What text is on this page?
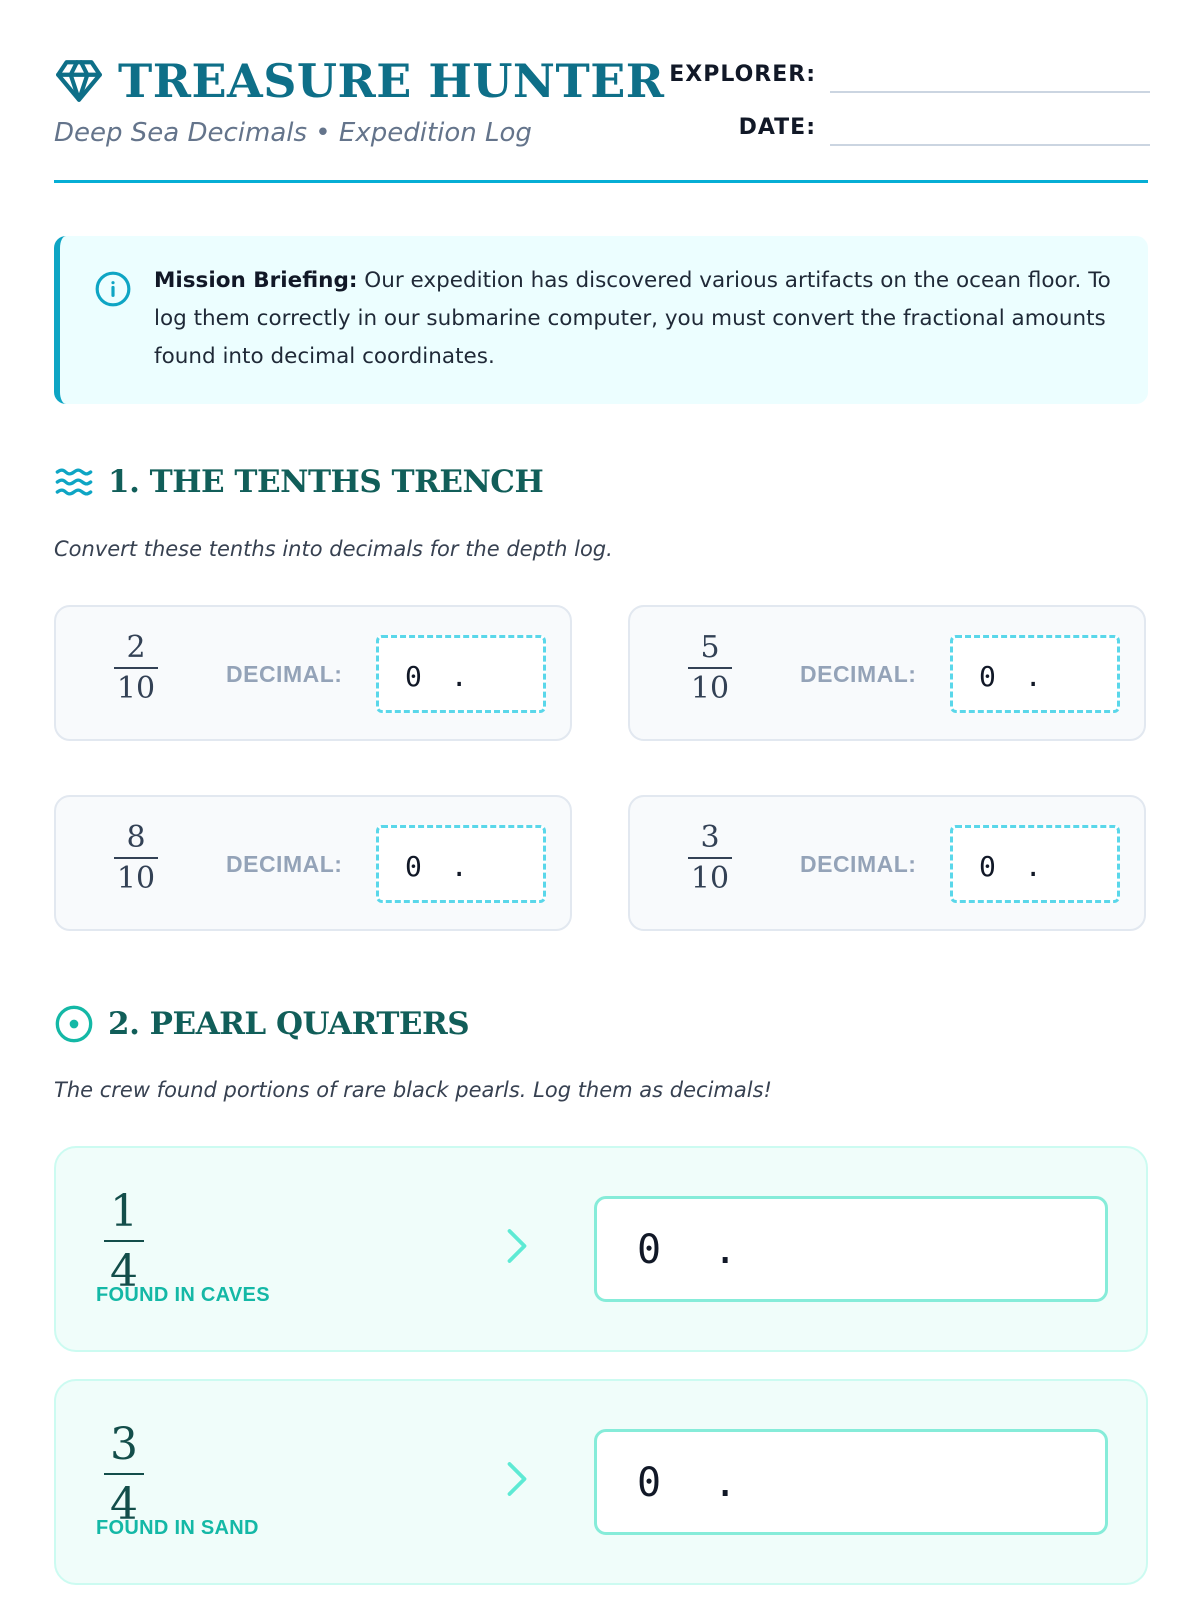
TREASURE HUNTER
Deep Sea Decimals • Expedition Log
EXPLORER:
DATE:
Mission Briefing: Our expedition has discovered various artifacts on the ocean floor. To log them correctly in our submarine computer, you must convert the fractional amounts found into decimal coordinates.
1. THE TENTHS TRENCH
Convert these tenths into decimals for the depth log.
2
10	DECIMAL: 0 .
5
10	DECIMAL: 0 .
8
10	DECIMAL: 0 .
3
10	DECIMAL: 0 .
2. PEARL QUARTERS
The crew found portions of rare black pearls. Log them as decimals!
1
4
FOUND IN CAVES
0 .
3
4
FOUND IN SAND
0 .
